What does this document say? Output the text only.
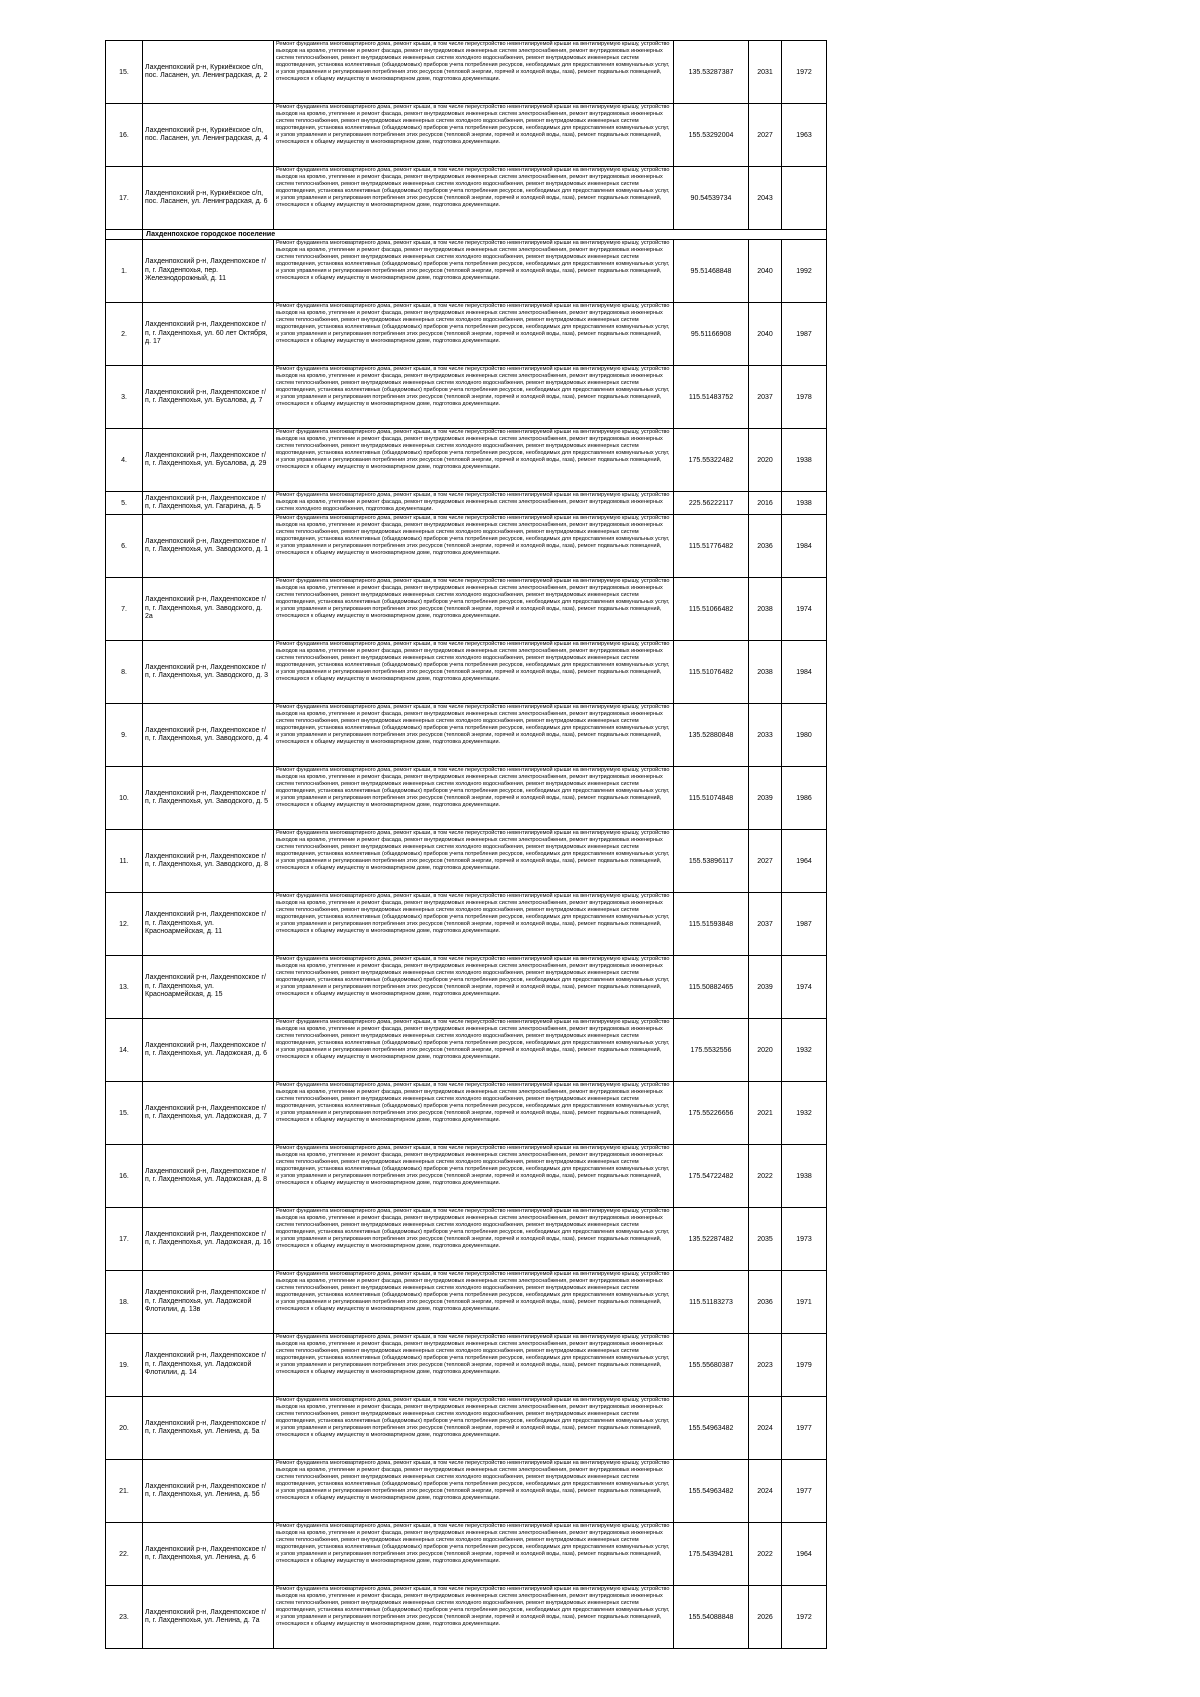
15.	Лахденпохский р-н, Куркиёкское с/п, пос. Ласанен, ул. Ленинградская, д. 2	Ремонт фундамента многоквартирного дома, ремонт крыши, в том числе переустройство невентилируемой крыши на вентилируемую крышу, устройство выходов на кровлю, утепление и ремонт фасада, ремонт внутридомовых инженерных систем электроснабжения, ремонт внутридомовых инженерных систем теплоснабжения, ремонт внутридомовых инженерных систем холодного водоснабжения, ремонт внутридомовых инженерных систем водоотведения, установка коллективных (общедомовых) приборов учета потребления ресурсов, необходимых для предоставления коммунальных услуг, и узлов управления и регулирования потребления этих ресурсов (тепловой энергии, горячей и холодной воды, газа), ремонт подвальных помещений, относящихся к общему имуществу в многоквартирном доме, подготовка документации.	135.53287387	2031	1972
16.	Лахденпохский р-н, Куркиёкское с/п, пос. Ласанен, ул. Ленинградская, д. 4	Ремонт фундамента многоквартирного дома, ремонт крыши, в том числе переустройство невентилируемой крыши на вентилируемую крышу, устройство выходов на кровлю, утепление и ремонт фасада, ремонт внутридомовых инженерных систем электроснабжения, ремонт внутридомовых инженерных систем теплоснабжения, ремонт внутридомовых инженерных систем холодного водоснабжения, ремонт внутридомовых инженерных систем водоотведения, установка коллективных (общедомовых) приборов учета потребления ресурсов, необходимых для предоставления коммунальных услуг, и узлов управления и регулирования потребления этих ресурсов (тепловой энергии, горячей и холодной воды, газа), ремонт подвальных помещений, относящихся к общему имуществу в многоквартирном доме, подготовка документации.	155.53292004	2027	1963
17.	Лахденпохский р-н, Куркиёкское с/п, пос. Ласанен, ул. Ленинградская, д. 6	Ремонт фундамента многоквартирного дома, ремонт крыши, в том числе переустройство невентилируемой крыши на вентилируемую крышу, устройство выходов на кровлю, утепление и ремонт фасада, ремонт внутридомовых инженерных систем электроснабжения, ремонт внутридомовых инженерных систем теплоснабжения, ремонт внутридомовых инженерных систем холодного водоснабжения, ремонт внутридомовых инженерных систем водоотведения, установка коллективных (общедомовых) приборов учета потребления ресурсов, необходимых для предоставления коммунальных услуг, и узлов управления и регулирования потребления этих ресурсов (тепловой энергии, горячей и холодной воды, газа), ремонт подвальных помещений, относящихся к общему имуществу в многоквартирном доме, подготовка документации.	90.54539734	2043	
	Лахденпохское городское поселение				
1.	Лахденпохский р-н, Лахденпохское г/п, г. Лахденпохья, пер. Железнодорожный, д. 11	Ремонт фундамента многоквартирного дома, ремонт крыши, в том числе переустройство невентилируемой крыши на вентилируемую крышу, устройство выходов на кровлю, утепление и ремонт фасада, ремонт внутридомовых инженерных систем электроснабжения, ремонт внутридомовых инженерных систем теплоснабжения, ремонт внутридомовых инженерных систем холодного водоснабжения, ремонт внутридомовых инженерных систем водоотведения, установка коллективных (общедомовых) приборов учета потребления ресурсов, необходимых для предоставления коммунальных услуг, и узлов управления и регулирования потребления этих ресурсов (тепловой энергии, горячей и холодной воды, газа), ремонт подвальных помещений, относящихся к общему имуществу в многоквартирном доме, подготовка документации.	95.51468848	2040	1992
2.	Лахденпохский р-н, Лахденпохское г/п, г. Лахденпохья, ул. 60 лет Октября, д. 17	Ремонт фундамента многоквартирного дома, ремонт крыши, в том числе переустройство невентилируемой крыши на вентилируемую крышу, устройство выходов на кровлю, утепление и ремонт фасада, ремонт внутридомовых инженерных систем электроснабжения, ремонт внутридомовых инженерных систем теплоснабжения, ремонт внутридомовых инженерных систем холодного водоснабжения, ремонт внутридомовых инженерных систем водоотведения, установка коллективных (общедомовых) приборов учета потребления ресурсов, необходимых для предоставления коммунальных услуг, и узлов управления и регулирования потребления этих ресурсов (тепловой энергии, горячей и холодной воды, газа), ремонт подвальных помещений, относящихся к общему имуществу в многоквартирном доме, подготовка документации.	95.51166908	2040	1987
3.	Лахденпохский р-н, Лахденпохское г/п, г. Лахденпохья, ул. Бусалова, д. 7	Ремонт фундамента многоквартирного дома, ремонт крыши, в том числе переустройство невентилируемой крыши на вентилируемую крышу, устройство выходов на кровлю, утепление и ремонт фасада, ремонт внутридомовых инженерных систем электроснабжения, ремонт внутридомовых инженерных систем теплоснабжения, ремонт внутридомовых инженерных систем холодного водоснабжения, ремонт внутридомовых инженерных систем водоотведения, установка коллективных (общедомовых) приборов учета потребления ресурсов, необходимых для предоставления коммунальных услуг, и узлов управления и регулирования потребления этих ресурсов (тепловой энергии, горячей и холодной воды, газа), ремонт подвальных помещений, относящихся к общему имуществу в многоквартирном доме, подготовка документации.	115.51483752	2037	1978
4.	Лахденпохский р-н, Лахденпохское г/п, г. Лахденпохья, ул. Бусалова, д. 29	Ремонт фундамента многоквартирного дома, ремонт крыши, в том числе переустройство невентилируемой крыши на вентилируемую крышу, устройство выходов на кровлю, утепление и ремонт фасада, ремонт внутридомовых инженерных систем электроснабжения, ремонт внутридомовых инженерных систем теплоснабжения, ремонт внутридомовых инженерных систем холодного водоснабжения, ремонт внутридомовых инженерных систем водоотведения, установка коллективных (общедомовых) приборов учета потребления ресурсов, необходимых для предоставления коммунальных услуг, и узлов управления и регулирования потребления этих ресурсов (тепловой энергии, горячей и холодной воды, газа), ремонт подвальных помещений, относящихся к общему имуществу в многоквартирном доме, подготовка документации.	175.55322482	2020	1938
5.	Лахденпохский р-н, Лахденпохское г/п, г. Лахденпохья, ул. Гагарина, д. 5	Ремонт фундамента многоквартирного дома, ремонт крыши, в том числе переустройство невентилируемой крыши на вентилируемую крышу, устройство выходов на кровлю, утепление и ремонт фасада, ремонт внутридомовых инженерных систем электроснабжения, ремонт внутридомовых инженерных систем холодного водоснабжения, подготовка документации.	225.56222117	2016	1938
6.	Лахденпохский р-н, Лахденпохское г/п, г. Лахденпохья, ул. Заводского, д. 1	Ремонт фундамента многоквартирного дома, ремонт крыши, в том числе переустройство невентилируемой крыши на вентилируемую крышу, устройство выходов на кровлю, утепление и ремонт фасада, ремонт внутридомовых инженерных систем электроснабжения, ремонт внутридомовых инженерных систем теплоснабжения, ремонт внутридомовых инженерных систем холодного водоснабжения, ремонт внутридомовых инженерных систем водоотведения, установка коллективных (общедомовых) приборов учета потребления ресурсов, необходимых для предоставления коммунальных услуг, и узлов управления и регулирования потребления этих ресурсов (тепловой энергии, горячей и холодной воды, газа), ремонт подвальных помещений, относящихся к общему имуществу в многоквартирном доме, подготовка документации.	115.51776482	2036	1984
7.	Лахденпохский р-н, Лахденпохское г/п, г. Лахденпохья, ул. Заводского, д. 2а	Ремонт фундамента многоквартирного дома, ремонт крыши, в том числе переустройство невентилируемой крыши на вентилируемую крышу, устройство выходов на кровлю, утепление и ремонт фасада, ремонт внутридомовых инженерных систем электроснабжения, ремонт внутридомовых инженерных систем теплоснабжения, ремонт внутридомовых инженерных систем холодного водоснабжения, ремонт внутридомовых инженерных систем водоотведения, установка коллективных (общедомовых) приборов учета потребления ресурсов, необходимых для предоставления коммунальных услуг, и узлов управления и регулирования потребления этих ресурсов (тепловой энергии, горячей и холодной воды, газа), ремонт подвальных помещений, относящихся к общему имуществу в многоквартирном доме, подготовка документации.	115.51066482	2038	1974
8.	Лахденпохский р-н, Лахденпохское г/п, г. Лахденпохья, ул. Заводского, д. 3	Ремонт фундамента многоквартирного дома, ремонт крыши, в том числе переустройство невентилируемой крыши на вентилируемую крышу, устройство выходов на кровлю, утепление и ремонт фасада, ремонт внутридомовых инженерных систем электроснабжения, ремонт внутридомовых инженерных систем теплоснабжения, ремонт внутридомовых инженерных систем холодного водоснабжения, ремонт внутридомовых инженерных систем водоотведения, установка коллективных (общедомовых) приборов учета потребления ресурсов, необходимых для предоставления коммунальных услуг, и узлов управления и регулирования потребления этих ресурсов (тепловой энергии, горячей и холодной воды, газа), ремонт подвальных помещений, относящихся к общему имуществу в многоквартирном доме, подготовка документации.	115.51076482	2038	1984
9.	Лахденпохский р-н, Лахденпохское г/п, г. Лахденпохья, ул. Заводского, д. 4	Ремонт фундамента многоквартирного дома, ремонт крыши, в том числе переустройство невентилируемой крыши на вентилируемую крышу, устройство выходов на кровлю, утепление и ремонт фасада, ремонт внутридомовых инженерных систем электроснабжения, ремонт внутридомовых инженерных систем теплоснабжения, ремонт внутридомовых инженерных систем холодного водоснабжения, ремонт внутридомовых инженерных систем водоотведения, установка коллективных (общедомовых) приборов учета потребления ресурсов, необходимых для предоставления коммунальных услуг, и узлов управления и регулирования потребления этих ресурсов (тепловой энергии, горячей и холодной воды, газа), ремонт подвальных помещений, относящихся к общему имуществу в многоквартирном доме, подготовка документации.	135.52880848	2033	1980
10.	Лахденпохский р-н, Лахденпохское г/п, г. Лахденпохья, ул. Заводского, д. 5	Ремонт фундамента многоквартирного дома, ремонт крыши, в том числе переустройство невентилируемой крыши на вентилируемую крышу, устройство выходов на кровлю, утепление и ремонт фасада, ремонт внутридомовых инженерных систем электроснабжения, ремонт внутридомовых инженерных систем теплоснабжения, ремонт внутридомовых инженерных систем холодного водоснабжения, ремонт внутридомовых инженерных систем водоотведения, установка коллективных (общедомовых) приборов учета потребления ресурсов, необходимых для предоставления коммунальных услуг, и узлов управления и регулирования потребления этих ресурсов (тепловой энергии, горячей и холодной воды, газа), ремонт подвальных помещений, относящихся к общему имуществу в многоквартирном доме, подготовка документации.	115.51074848	2039	1986
11.	Лахденпохский р-н, Лахденпохское г/п, г. Лахденпохья, ул. Заводского, д. 8	Ремонт фундамента многоквартирного дома, ремонт крыши, в том числе переустройство невентилируемой крыши на вентилируемую крышу, устройство выходов на кровлю, утепление и ремонт фасада, ремонт внутридомовых инженерных систем электроснабжения, ремонт внутридомовых инженерных систем теплоснабжения, ремонт внутридомовых инженерных систем холодного водоснабжения, ремонт внутридомовых инженерных систем водоотведения, установка коллективных (общедомовых) приборов учета потребления ресурсов, необходимых для предоставления коммунальных услуг, и узлов управления и регулирования потребления этих ресурсов (тепловой энергии, горячей и холодной воды, газа), ремонт подвальных помещений, относящихся к общему имуществу в многоквартирном доме, подготовка документации.	155.53896117	2027	1964
12.	Лахденпохский р-н, Лахденпохское г/п, г. Лахденпохья, ул. Красноармейская, д. 11	Ремонт фундамента многоквартирного дома, ремонт крыши, в том числе переустройство невентилируемой крыши на вентилируемую крышу, устройство выходов на кровлю, утепление и ремонт фасада, ремонт внутридомовых инженерных систем электроснабжения, ремонт внутридомовых инженерных систем теплоснабжения, ремонт внутридомовых инженерных систем холодного водоснабжения, ремонт внутридомовых инженерных систем водоотведения, установка коллективных (общедомовых) приборов учета потребления ресурсов, необходимых для предоставления коммунальных услуг, и узлов управления и регулирования потребления этих ресурсов (тепловой энергии, горячей и холодной воды, газа), ремонт подвальных помещений, относящихся к общему имуществу в многоквартирном доме, подготовка документации.	115.51593848	2037	1987
13.	Лахденпохский р-н, Лахденпохское г/п, г. Лахденпохья, ул. Красноармейская, д. 15	Ремонт фундамента многоквартирного дома, ремонт крыши, в том числе переустройство невентилируемой крыши на вентилируемую крышу, устройство выходов на кровлю, утепление и ремонт фасада, ремонт внутридомовых инженерных систем электроснабжения, ремонт внутридомовых инженерных систем теплоснабжения, ремонт внутридомовых инженерных систем холодного водоснабжения, ремонт внутридомовых инженерных систем водоотведения, установка коллективных (общедомовых) приборов учета потребления ресурсов, необходимых для предоставления коммунальных услуг, и узлов управления и регулирования потребления этих ресурсов (тепловой энергии, горячей и холодной воды, газа), ремонт подвальных помещений, относящихся к общему имуществу в многоквартирном доме, подготовка документации.	115.50882465	2039	1974
14.	Лахденпохский р-н, Лахденпохское г/п, г. Лахденпохья, ул. Ладожская, д. 6	Ремонт фундамента многоквартирного дома, ремонт крыши, в том числе переустройство невентилируемой крыши на вентилируемую крышу, устройство выходов на кровлю, утепление и ремонт фасада, ремонт внутридомовых инженерных систем электроснабжения, ремонт внутридомовых инженерных систем теплоснабжения, ремонт внутридомовых инженерных систем холодного водоснабжения, ремонт внутридомовых инженерных систем водоотведения, установка коллективных (общедомовых) приборов учета потребления ресурсов, необходимых для предоставления коммунальных услуг, и узлов управления и регулирования потребления этих ресурсов (тепловой энергии, горячей и холодной воды, газа), ремонт подвальных помещений, относящихся к общему имуществу в многоквартирном доме, подготовка документации.	175.5532556	2020	1932
15.	Лахденпохский р-н, Лахденпохское г/п, г. Лахденпохья, ул. Ладожская, д. 7	Ремонт фундамента многоквартирного дома, ремонт крыши, в том числе переустройство невентилируемой крыши на вентилируемую крышу, устройство выходов на кровлю, утепление и ремонт фасада, ремонт внутридомовых инженерных систем электроснабжения, ремонт внутридомовых инженерных систем теплоснабжения, ремонт внутридомовых инженерных систем холодного водоснабжения, ремонт внутридомовых инженерных систем водоотведения, установка коллективных (общедомовых) приборов учета потребления ресурсов, необходимых для предоставления коммунальных услуг, и узлов управления и регулирования потребления этих ресурсов (тепловой энергии, горячей и холодной воды, газа), ремонт подвальных помещений, относящихся к общему имуществу в многоквартирном доме, подготовка документации.	175.55226656	2021	1932
16.	Лахденпохский р-н, Лахденпохское г/п, г. Лахденпохья, ул. Ладожская, д. 8	Ремонт фундамента многоквартирного дома, ремонт крыши, в том числе переустройство невентилируемой крыши на вентилируемую крышу, устройство выходов на кровлю, утепление и ремонт фасада, ремонт внутридомовых инженерных систем электроснабжения, ремонт внутридомовых инженерных систем теплоснабжения, ремонт внутридомовых инженерных систем холодного водоснабжения, ремонт внутридомовых инженерных систем водоотведения, установка коллективных (общедомовых) приборов учета потребления ресурсов, необходимых для предоставления коммунальных услуг, и узлов управления и регулирования потребления этих ресурсов (тепловой энергии, горячей и холодной воды, газа), ремонт подвальных помещений, относящихся к общему имуществу в многоквартирном доме, подготовка документации.	175.54722482	2022	1938
17.	Лахденпохский р-н, Лахденпохское г/п, г. Лахденпохья, ул. Ладожская, д. 16	Ремонт фундамента многоквартирного дома, ремонт крыши, в том числе переустройство невентилируемой крыши на вентилируемую крышу, устройство выходов на кровлю, утепление и ремонт фасада, ремонт внутридомовых инженерных систем электроснабжения, ремонт внутридомовых инженерных систем теплоснабжения, ремонт внутридомовых инженерных систем холодного водоснабжения, ремонт внутридомовых инженерных систем водоотведения, установка коллективных (общедомовых) приборов учета потребления ресурсов, необходимых для предоставления коммунальных услуг, и узлов управления и регулирования потребления этих ресурсов (тепловой энергии, горячей и холодной воды, газа), ремонт подвальных помещений, относящихся к общему имуществу в многоквартирном доме, подготовка документации.	135.52287482	2035	1973
18.	Лахденпохский р-н, Лахденпохское г/п, г. Лахденпохья, ул. Ладожской Флотилии, д. 13в	Ремонт фундамента многоквартирного дома, ремонт крыши, в том числе переустройство невентилируемой крыши на вентилируемую крышу, устройство выходов на кровлю, утепление и ремонт фасада, ремонт внутридомовых инженерных систем электроснабжения, ремонт внутридомовых инженерных систем теплоснабжения, ремонт внутридомовых инженерных систем холодного водоснабжения, ремонт внутридомовых инженерных систем водоотведения, установка коллективных (общедомовых) приборов учета потребления ресурсов, необходимых для предоставления коммунальных услуг, и узлов управления и регулирования потребления этих ресурсов (тепловой энергии, горячей и холодной воды, газа), ремонт подвальных помещений, относящихся к общему имуществу в многоквартирном доме, подготовка документации.	115.51183273	2036	1971
19.	Лахденпохский р-н, Лахденпохское г/п, г. Лахденпохья, ул. Ладожской Флотилии, д. 14	Ремонт фундамента многоквартирного дома, ремонт крыши, в том числе переустройство невентилируемой крыши на вентилируемую крышу, устройство выходов на кровлю, утепление и ремонт фасада, ремонт внутридомовых инженерных систем электроснабжения, ремонт внутридомовых инженерных систем теплоснабжения, ремонт внутридомовых инженерных систем холодного водоснабжения, ремонт внутридомовых инженерных систем водоотведения, установка коллективных (общедомовых) приборов учета потребления ресурсов, необходимых для предоставления коммунальных услуг, и узлов управления и регулирования потребления этих ресурсов (тепловой энергии, горячей и холодной воды, газа), ремонт подвальных помещений, относящихся к общему имуществу в многоквартирном доме, подготовка документации.	155.55680387	2023	1979
20.	Лахденпохский р-н, Лахденпохское г/п, г. Лахденпохья, ул. Ленина, д. 5а	Ремонт фундамента многоквартирного дома, ремонт крыши, в том числе переустройство невентилируемой крыши на вентилируемую крышу, устройство выходов на кровлю, утепление и ремонт фасада, ремонт внутридомовых инженерных систем электроснабжения, ремонт внутридомовых инженерных систем теплоснабжения, ремонт внутридомовых инженерных систем холодного водоснабжения, ремонт внутридомовых инженерных систем водоотведения, установка коллективных (общедомовых) приборов учета потребления ресурсов, необходимых для предоставления коммунальных услуг, и узлов управления и регулирования потребления этих ресурсов (тепловой энергии, горячей и холодной воды, газа), ремонт подвальных помещений, относящихся к общему имуществу в многоквартирном доме, подготовка документации.	155.54963482	2024	1977
21.	Лахденпохский р-н, Лахденпохское г/п, г. Лахденпохья, ул. Ленина, д. 5б	Ремонт фундамента многоквартирного дома, ремонт крыши, в том числе переустройство невентилируемой крыши на вентилируемую крышу, устройство выходов на кровлю, утепление и ремонт фасада, ремонт внутридомовых инженерных систем электроснабжения, ремонт внутридомовых инженерных систем теплоснабжения, ремонт внутридомовых инженерных систем холодного водоснабжения, ремонт внутридомовых инженерных систем водоотведения, установка коллективных (общедомовых) приборов учета потребления ресурсов, необходимых для предоставления коммунальных услуг, и узлов управления и регулирования потребления этих ресурсов (тепловой энергии, горячей и холодной воды, газа), ремонт подвальных помещений, относящихся к общему имуществу в многоквартирном доме, подготовка документации.	155.54963482	2024	1977
22.	Лахденпохский р-н, Лахденпохское г/п, г. Лахденпохья, ул. Ленина, д. 6	Ремонт фундамента многоквартирного дома, ремонт крыши, в том числе переустройство невентилируемой крыши на вентилируемую крышу, устройство выходов на кровлю, утепление и ремонт фасада, ремонт внутридомовых инженерных систем электроснабжения, ремонт внутридомовых инженерных систем теплоснабжения, ремонт внутридомовых инженерных систем холодного водоснабжения, ремонт внутридомовых инженерных систем водоотведения, установка коллективных (общедомовых) приборов учета потребления ресурсов, необходимых для предоставления коммунальных услуг, и узлов управления и регулирования потребления этих ресурсов (тепловой энергии, горячей и холодной воды, газа), ремонт подвальных помещений, относящихся к общему имуществу в многоквартирном доме, подготовка документации.	175.54394281	2022	1964
23.	Лахденпохский р-н, Лахденпохское г/п, г. Лахденпохья, ул. Ленина, д. 7а	Ремонт фундамента многоквартирного дома, ремонт крыши, в том числе переустройство невентилируемой крыши на вентилируемую крышу, устройство выходов на кровлю, утепление и ремонт фасада, ремонт внутридомовых инженерных систем электроснабжения, ремонт внутридомовых инженерных систем теплоснабжения, ремонт внутридомовых инженерных систем холодного водоснабжения, ремонт внутридомовых инженерных систем водоотведения, установка коллективных (общедомовых) приборов учета потребления ресурсов, необходимых для предоставления коммунальных услуг, и узлов управления и регулирования потребления этих ресурсов (тепловой энергии, горячей и холодной воды, газа), ремонт подвальных помещений, относящихся к общему имуществу в многоквартирном доме, подготовка документации.	155.54088848	2026	1972
